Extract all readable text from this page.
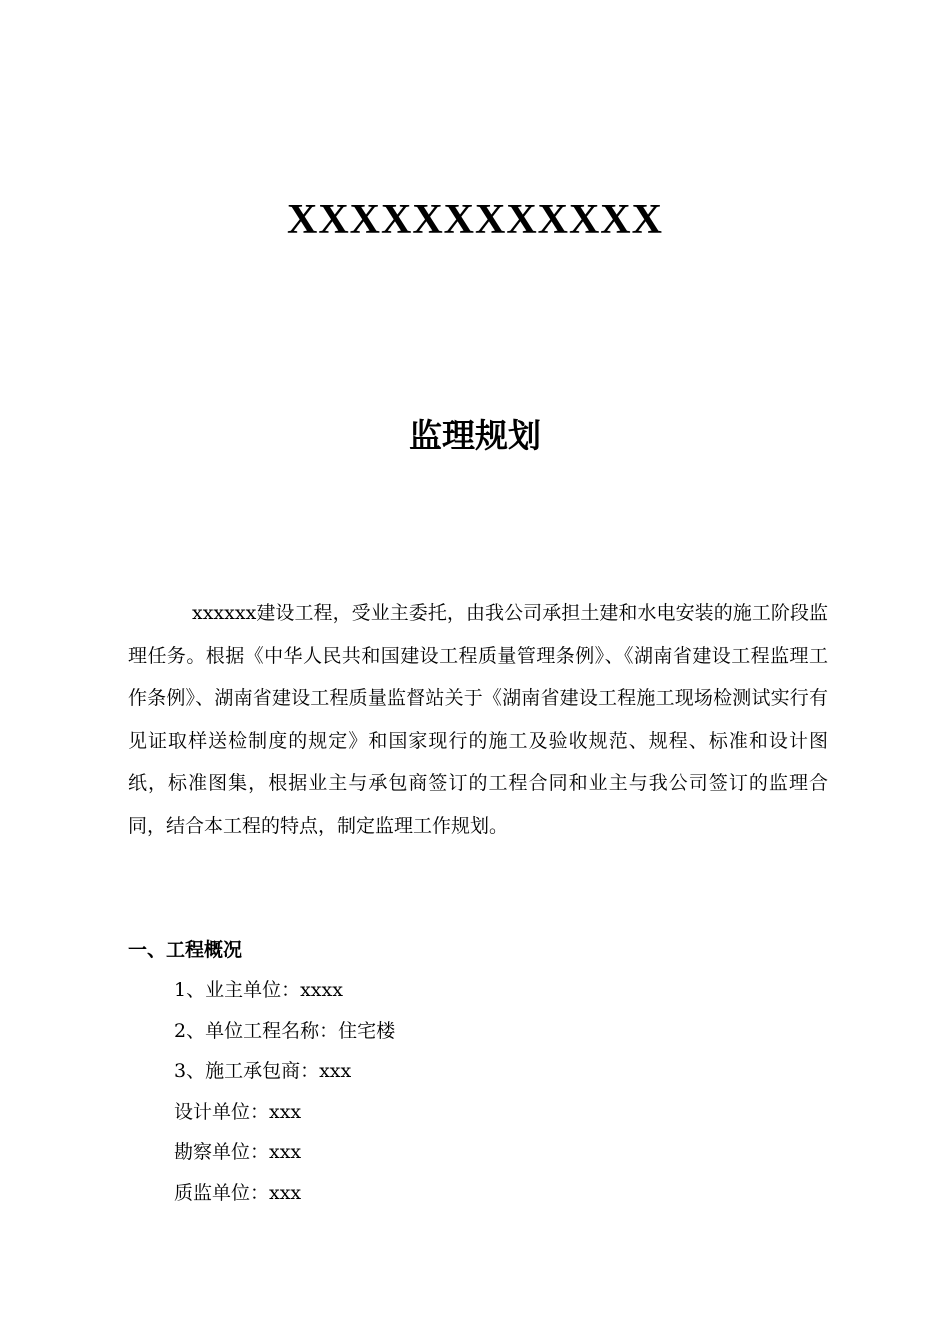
XXXXXXXXXXXX
监理规划

xxxxxx建设工程，受业主委托，由我公司承担土建和水电安装的施工阶段监理任务。根据《中华人民共和国建设工程质量管理条例》、《湖南省建设工程监理工作条例》、湖南省建设工程质量监督站关于《湖南省建设工程施工现场检测试实行有见证取样送检制度的规定》和国家现行的施工及验收规范、规程、标准和设计图纸，标准图集，根据业主与承包商签订的工程合同和业主与我公司签订的监理合同，结合本工程的特点，制定监理工作规划。

一、工程概况
1、业主单位：xxxx
2、单位工程名称：住宅楼
3、施工承包商：xxx
设计单位：xxx
勘察单位：xxx
质监单位：xxx
